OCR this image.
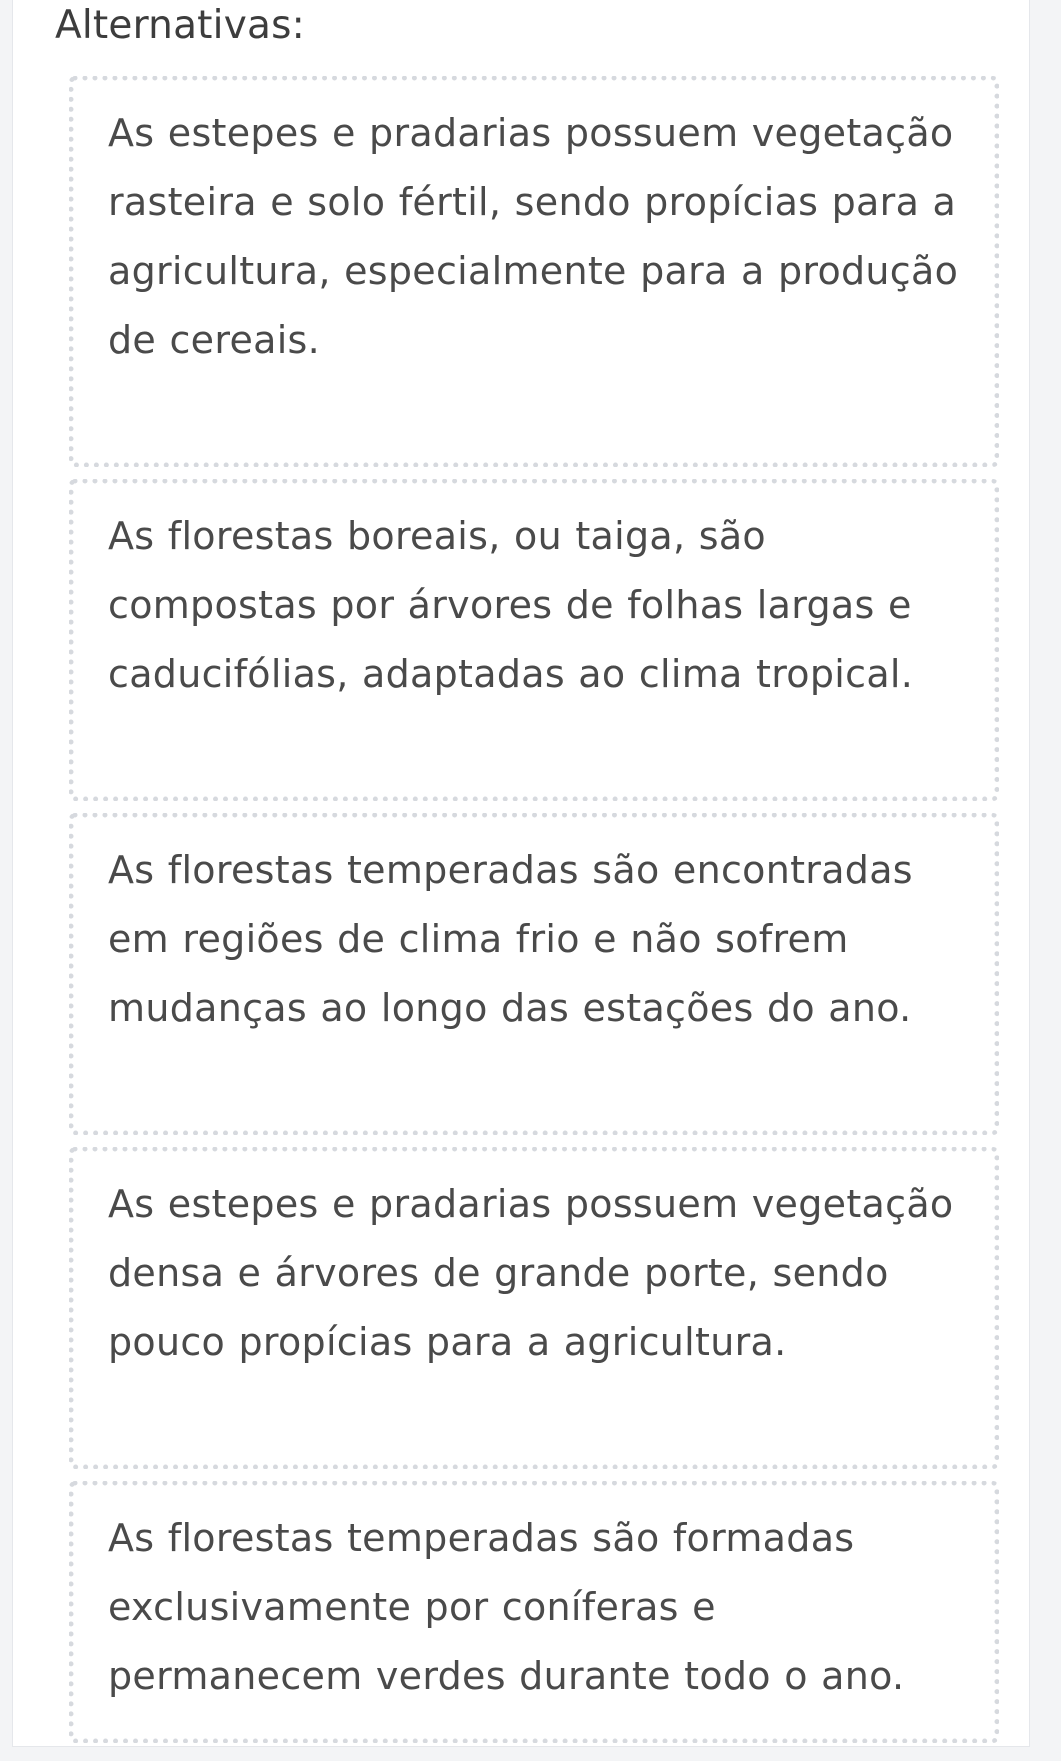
Alternativas:
As estepes e pradarias possuem vegetação rasteira e solo fértil, sendo propícias para a agricultura, especialmente para a produção de cereais.
As florestas boreais, ou taiga, são compostas por árvores de folhas largas e caducifólias, adaptadas ao clima tropical.
As florestas temperadas são encontradas em regiões de clima frio e não sofrem mudanças ao longo das estações do ano.
As estepes e pradarias possuem vegetação densa e árvores de grande porte, sendo pouco propícias para a agricultura.
As florestas temperadas são formadas exclusivamente por coníferas e permanecem verdes durante todo o ano.
